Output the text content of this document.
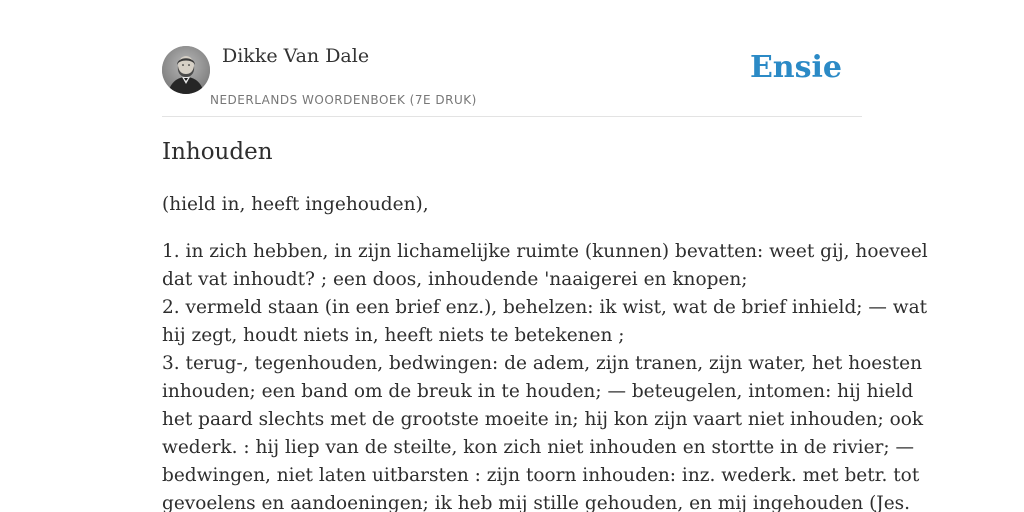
Dikke Van Dale
NEDERLANDS WOORDENBOEK (7E DRUK)
Ensie
Inhouden

(hield in, heeft ingehouden),

1. in zich hebben, in zijn lichamelijke ruimte (kunnen) bevatten: weet gij, hoeveel
dat vat inhoudt? ; een doos, inhoudende 'naaigerei en knopen;
2. vermeld staan (in een brief enz.), behelzen: ik wist, wat de brief inhield; — wat
hij zegt, houdt niets in, heeft niets te betekenen ;
3. terug-, tegenhouden, bedwingen: de adem, zijn tranen, zijn water, het hoesten
inhouden; een band om de breuk in te houden; — beteugelen, intomen: hij hield
het paard slechts met de grootste moeite in; hij kon zijn vaart niet inhouden; ook
wederk. : hij liep van de steilte, kon zich niet inhouden en stortte in de rivier; —
bedwingen, niet laten uitbarsten : zijn toorn inhouden: inz. wederk. met betr. tot
gevoelens en aandoeningen; ik heb mij stille gehouden, en mij ingehouden (Jes.
